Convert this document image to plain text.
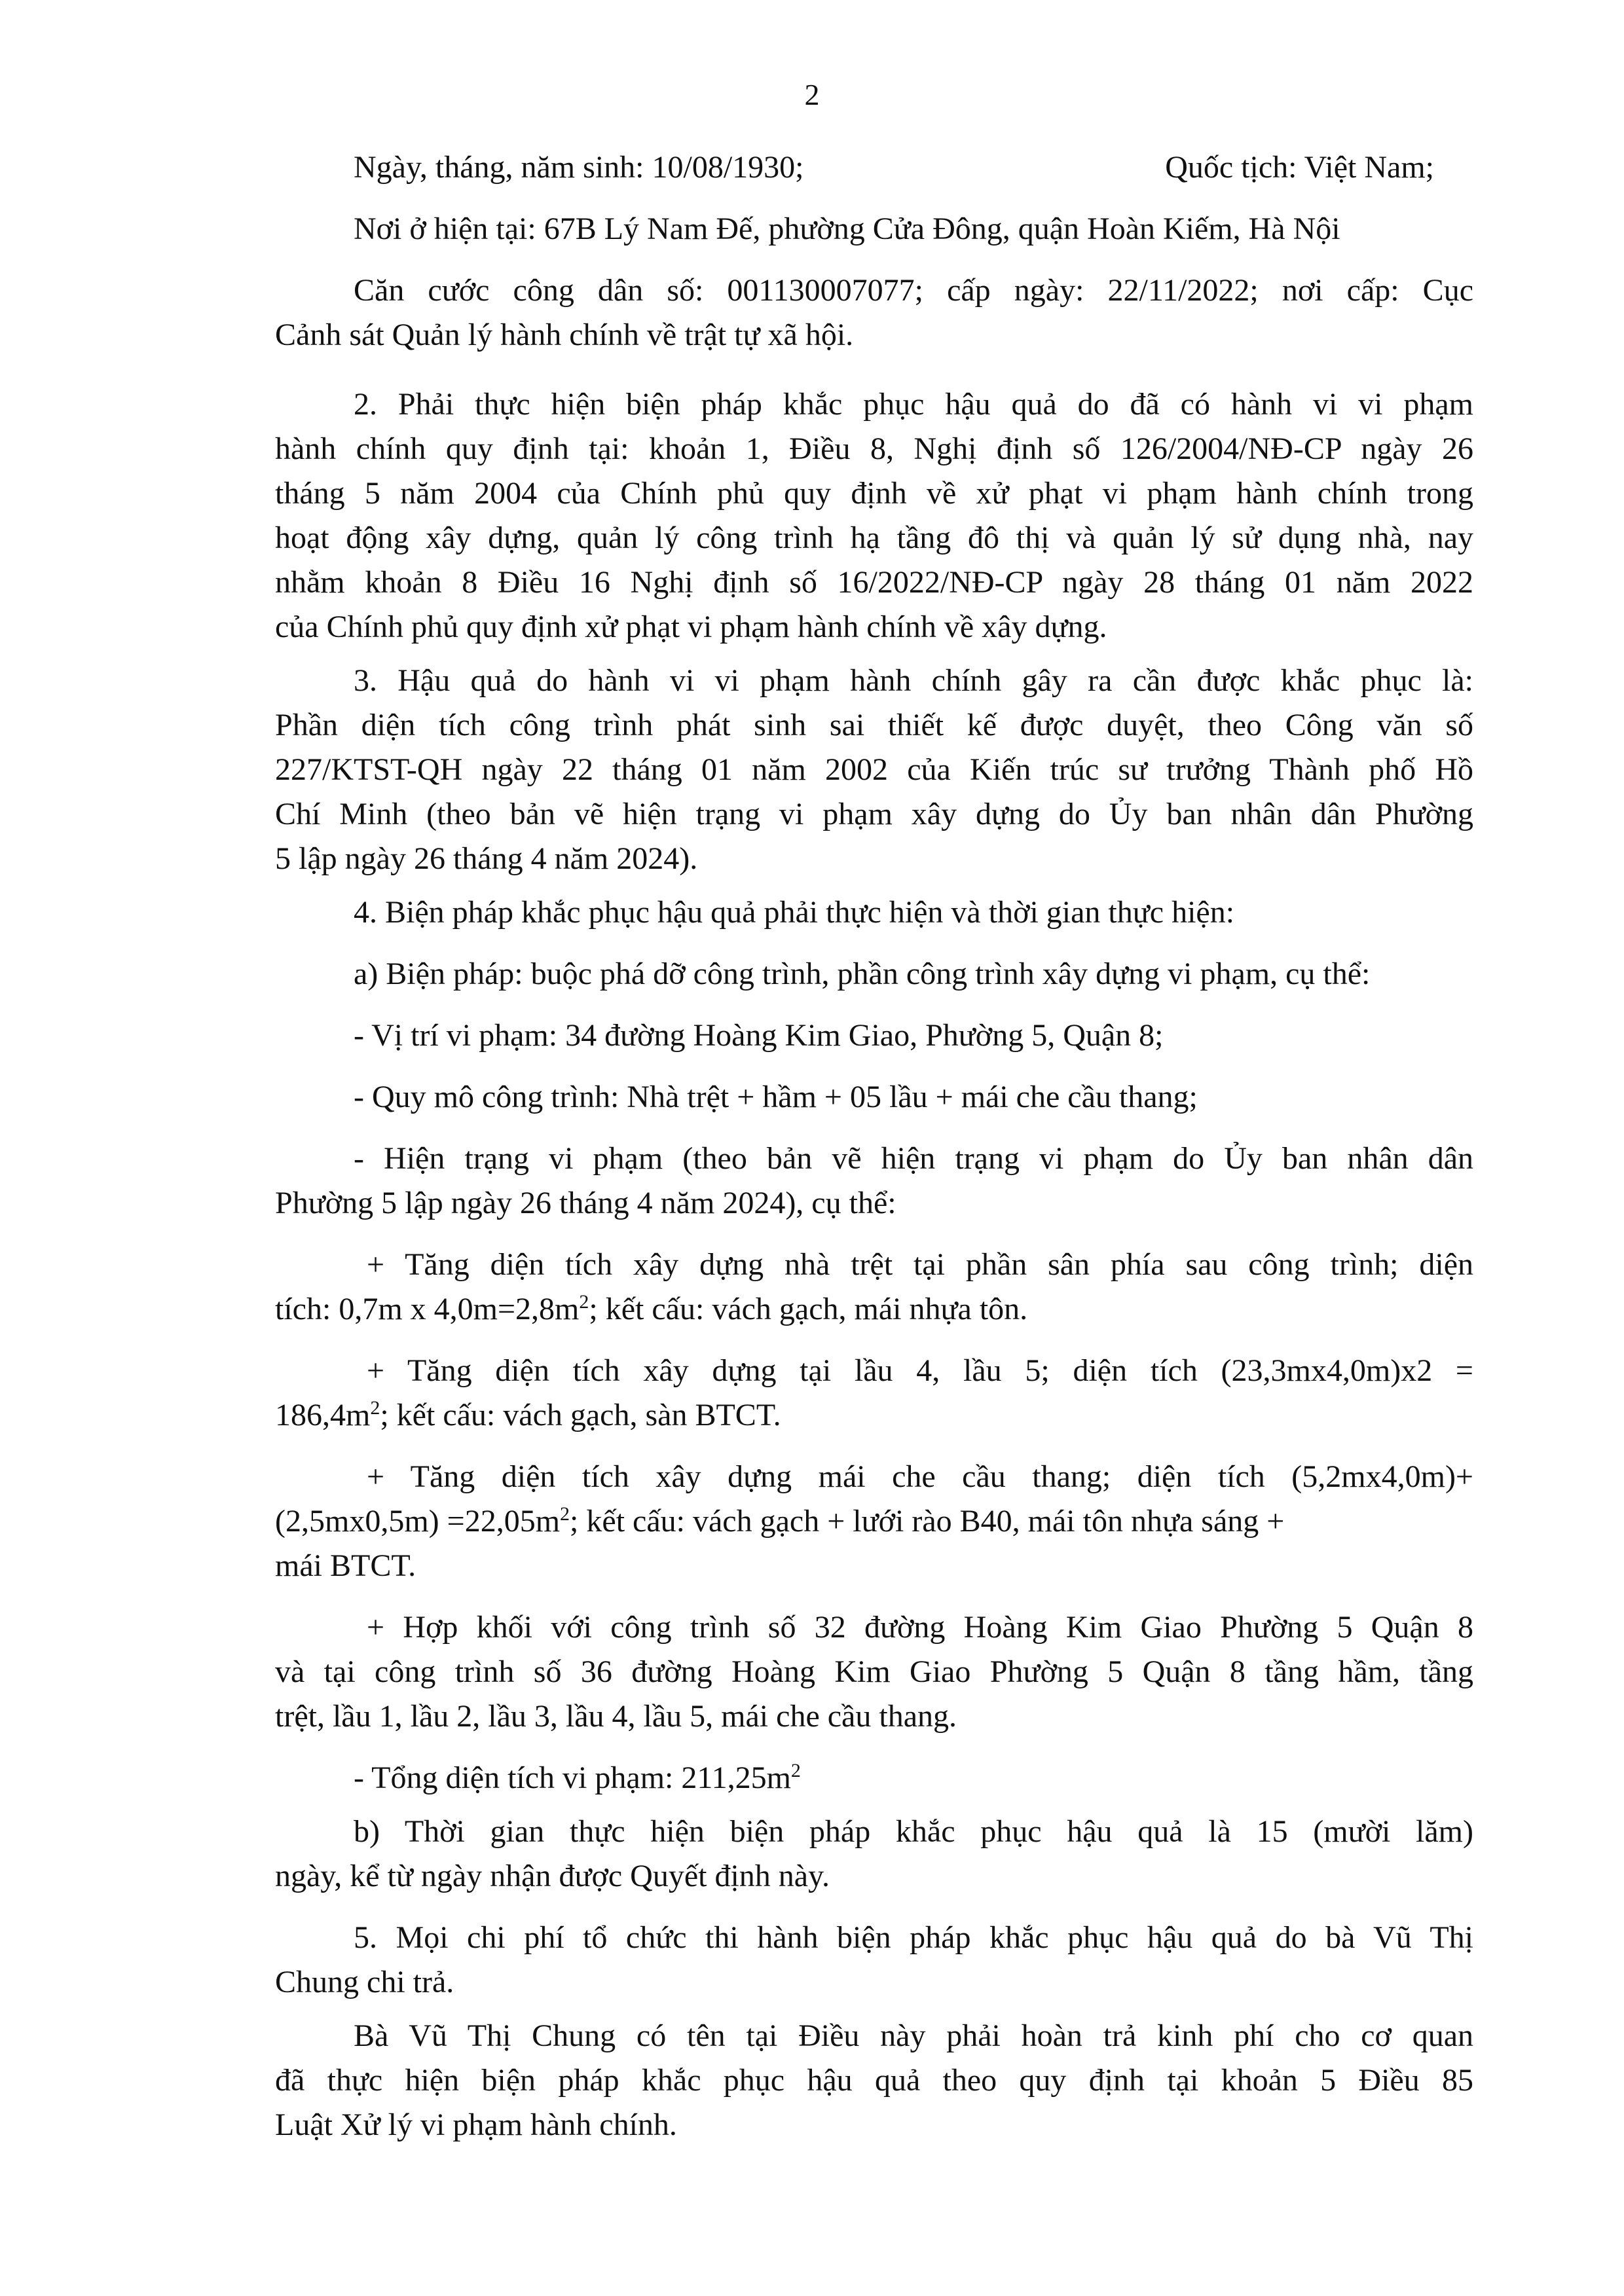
2
Ngày, tháng, năm sinh: 10/08/1930;	Quốc tịch: Việt Nam;
Nơi ở hiện tại: 67B Lý Nam Đế, phường Cửa Đông, quận Hoàn Kiếm, Hà Nội
Căn cước công dân số: 001130007077; cấp ngày: 22/11/2022; nơi cấp: Cục
Cảnh sát Quản lý hành chính về trật tự xã hội.
2. Phải thực hiện biện pháp khắc phục hậu quả do đã có hành vi vi phạm
hành chính quy định tại: khoản 1, Điều 8, Nghị định số 126/2004/NĐ-CP ngày 26
tháng 5 năm 2004 của Chính phủ quy định về xử phạt vi phạm hành chính trong
hoạt động xây dựng, quản lý công trình hạ tầng đô thị và quản lý sử dụng nhà, nay
nhằm khoản 8 Điều 16 Nghị định số 16/2022/NĐ-CP ngày 28 tháng 01 năm 2022
của Chính phủ quy định xử phạt vi phạm hành chính về xây dựng.
3. Hậu quả do hành vi vi phạm hành chính gây ra cần được khắc phục là:
Phần diện tích công trình phát sinh sai thiết kế được duyệt, theo Công văn số
227/KTST-QH ngày 22 tháng 01 năm 2002 của Kiến trúc sư trưởng Thành phố Hồ
Chí Minh (theo bản vẽ hiện trạng vi phạm xây dựng do Ủy ban nhân dân Phường
5 lập ngày 26 tháng 4 năm 2024).
4. Biện pháp khắc phục hậu quả phải thực hiện và thời gian thực hiện:
a) Biện pháp: buộc phá dỡ công trình, phần công trình xây dựng vi phạm, cụ thể:
- Vị trí vi phạm: 34 đường Hoàng Kim Giao, Phường 5, Quận 8;
- Quy mô công trình: Nhà trệt + hầm + 05 lầu + mái che cầu thang;
- Hiện trạng vi phạm (theo bản vẽ hiện trạng vi phạm do Ủy ban nhân dân
Phường 5 lập ngày 26 tháng 4 năm 2024), cụ thể:
+ Tăng diện tích xây dựng nhà trệt tại phần sân phía sau công trình; diện
tích: 0,7m x $4,0m=2,8m^2$; kết cấu: vách gạch, mái nhựa tôn.
+ Tăng diện tích xây dựng tại lầu 4, lầu 5; diện tích (23,3mx4,0m)x2 =
$186,4m^2$; kết cấu: vách gạch, sàn BTCT.
+ Tăng diện tích xây dựng mái che cầu thang; diện tích (5,2mx4,0m)+
$(2,5mx0,5m) =22,05m^2$; kết cấu: vách gạch + lưới rào B40, mái tôn nhựa sáng +
mái BTCT.
+ Hợp khối với công trình số 32 đường Hoàng Kim Giao Phường 5 Quận 8
và tại công trình số 36 đường Hoàng Kim Giao Phường 5 Quận 8 tầng hầm, tầng
trệt, lầu 1, lầu 2, lầu 3, lầu 4, lầu 5, mái che cầu thang.
- Tổng diện tích vi phạm: $211,25m^2$
b) Thời gian thực hiện biện pháp khắc phục hậu quả là 15 (mười lăm)
ngày, kể từ ngày nhận được Quyết định này.
5. Mọi chi phí tổ chức thi hành biện pháp khắc phục hậu quả do bà Vũ Thị
Chung chi trả.
Bà Vũ Thị Chung có tên tại Điều này phải hoàn trả kinh phí cho cơ quan
đã thực hiện biện pháp khắc phục hậu quả theo quy định tại khoản 5 Điều 85
Luật Xử lý vi phạm hành chính.
